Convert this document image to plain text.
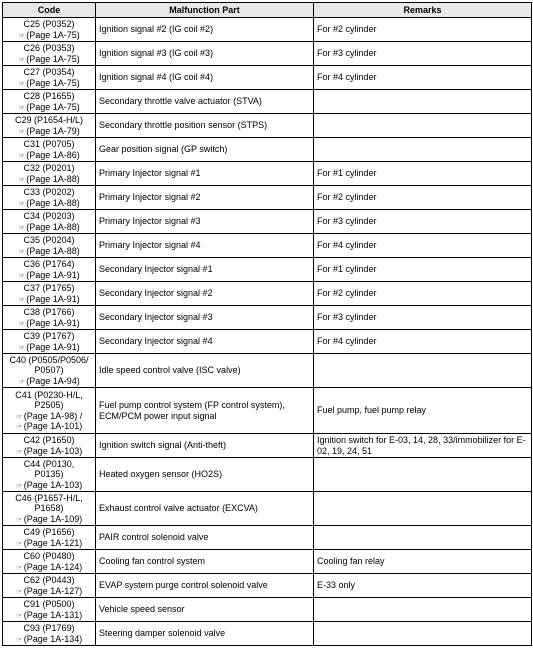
Code	Malfunction Part	Remarks

C25 (P0352)
☞(Page 1A-75)	Ignition signal #2 (IG coil #2)	For #2 cylinder

C26 (P0353)
☞(Page 1A-75)	Ignition signal #3 (IG coil #3)	For #3 cylinder

C27 (P0354)
☞(Page 1A-75)	Ignition signal #4 (IG coil #4)	For #4 cylinder

C28 (P1655)
☞(Page 1A-75)	Secondary throttle valve actuator (STVA)	

C29 (P1654-H/L)
☞(Page 1A-79)	Secondary throttle position sensor (STPS)	

C31 (P0705)
☞(Page 1A-86)	Gear position signal (GP switch)	

C32 (P0201)
☞(Page 1A-88)	Primary Injector signal #1	For #1 cylinder

C33 (P0202)
☞(Page 1A-88)	Primary Injector signal #2	For #2 cylinder

C34 (P0203)
☞(Page 1A-88)	Primary Injector signal #3	For #3 cylinder

C35 (P0204)
☞(Page 1A-88)	Primary Injector signal #4	For #4 cylinder

C36 (P1764)
☞(Page 1A-91)	Secondary Injector signal #1	For #1 cylinder

C37 (P1765)
☞(Page 1A-91)	Secondary Injector signal #2	For #2 cylinder

C38 (P1766)
☞(Page 1A-91)	Secondary Injector signal #3	For #3 cylinder

C39 (P1767)
☞(Page 1A-91)	Secondary Injector signal #4	For #4 cylinder

C40 (P0505/P0506/
P0507)
☞(Page 1A-94)	Idle speed control valve (ISC valve)	

C41 (P0230-H/L,
P2505)
☞(Page 1A-98) /
☞(Page 1A-101)	Fuel pump control system (FP control system), ECM/PCM power input signal	Fuel pump, fuel pump relay

C42 (P1650)
☞(Page 1A-103)	Ignition switch signal (Anti-theft)	Ignition switch for E-03, 14, 28, 33/immobilizer for E-02, 19, 24, 51

C44 (P0130,
P0135)
☞(Page 1A-103)	Heated oxygen sensor (HO2S)	

C46 (P1657-H/L,
P1658)
☞(Page 1A-109)	Exhaust control valve actuator (EXCVA)	

C49 (P1656)
☞(Page 1A-121)	PAIR control solenoid valve	

C60 (P0480)
☞(Page 1A-124)	Cooling fan control system	Cooling fan relay

C62 (P0443)
☞(Page 1A-127)	EVAP system purge control solenoid valve	E-33 only

C91 (P0500)
☞(Page 1A-131)	Vehicle speed sensor	

C93 (P1769)
☞(Page 1A-134)	Steering damper solenoid valve	
